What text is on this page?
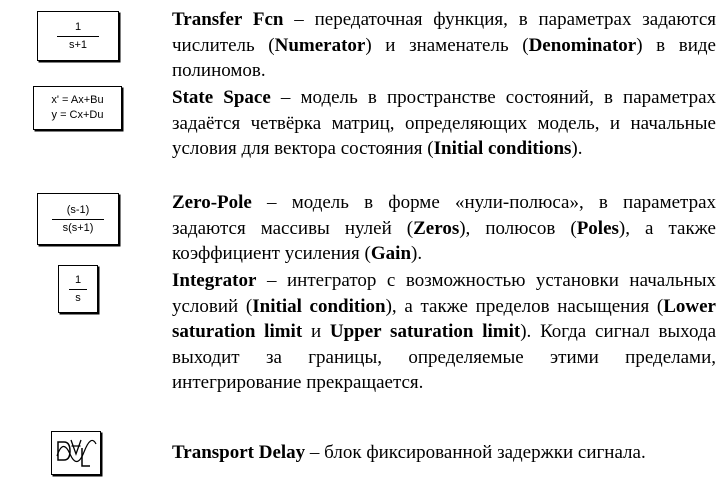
$\frac{1}{s+1}$
x' = Ax+Bu
y = Cx+Du
$\frac{(s-1)}{s(s+1)}$
$\frac{1}{s}$
Transfer Fcn – передаточная функция, в параметрах задаются числитель (Numerator) и знаменатель (Denominator) в виде полиномов.
State Space – модель в пространстве состояний, в параметрах задаётся четвёрка матриц, определяющих модель, и начальные условия для вектора состояния (Initial conditions).
Zero-Pole – модель в форме «нули-полюса», в параметрах задаются массивы нулей (Zeros), полюсов (Poles), а также коэффициент усиления (Gain).
Integrator – интегратор с возможностью установки начальных условий (Initial condition), а также пределов насыщения (Lower saturation limit и Upper saturation limit). Когда сигнал выхода выходит за границы, определяемые этими пределами, интегрирование прекращается.
Transport Delay – блок фиксированной задержки сигнала.
